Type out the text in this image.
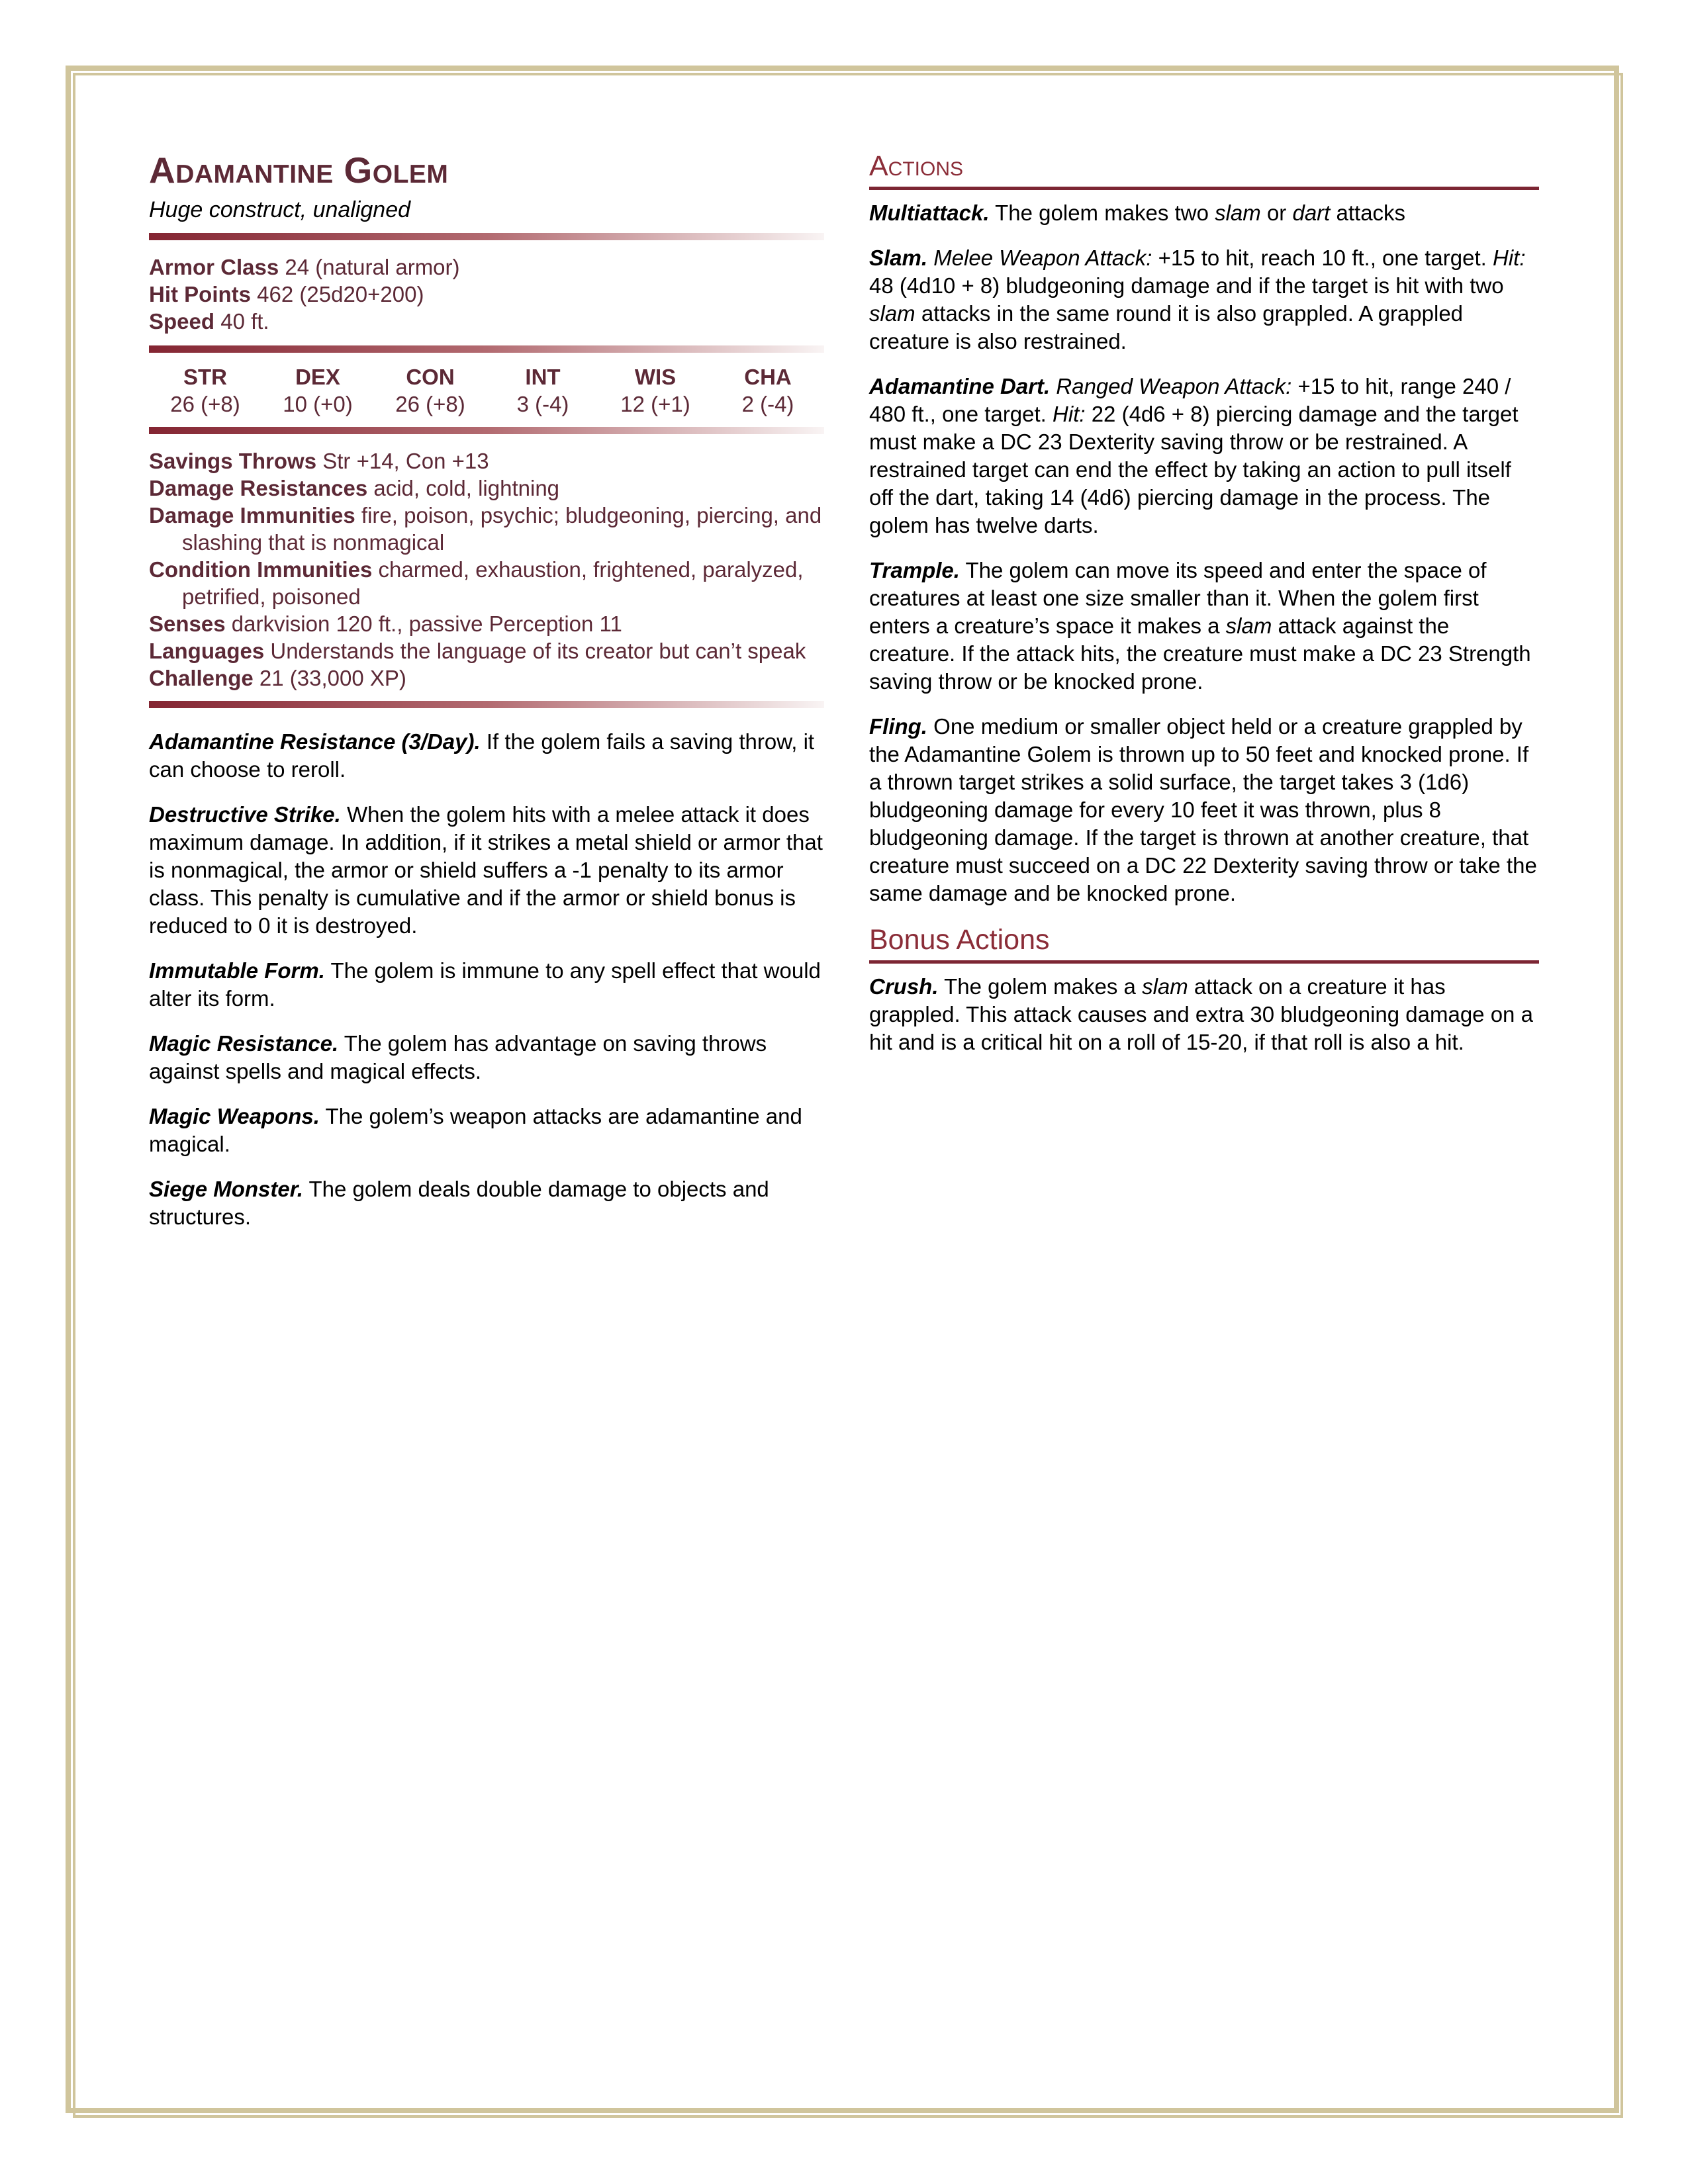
Adamantine Golem
Huge construct, unaligned
Armor Class 24 (natural armor)
Hit Points 462 (25d20+200)
Speed 40 ft.
STR
26 (+8)
DEX
10 (+0)
CON
26 (+8)
INT
3 (-4)
WIS
12 (+1)
CHA
2 (-4)
Savings Throws Str +14, Con +13
Damage Resistances acid, cold, lightning
Damage Immunities fire, poison, psychic; bludgeoning, piercing, and slashing that is nonmagical
Condition Immunities charmed, exhaustion, frightened, paralyzed, petrified, poisoned
Senses darkvision 120 ft., passive Perception 11
Languages Understands the language of its creator but can’t speak
Challenge 21 (33,000 XP)

Adamantine Resistance (3/Day). If the golem fails a saving throw, it can choose to reroll.

Destructive Strike. When the golem hits with a melee attack it does maximum damage. In addition, if it strikes a metal shield or armor that is nonmagical, the armor or shield suffers a -1 penalty to its armor class. This penalty is cumulative and if the armor or shield bonus is reduced to 0 it is destroyed.

Immutable Form. The golem is immune to any spell effect that would alter its form.

Magic Resistance. The golem has advantage on saving throws against spells and magical effects.

Magic Weapons. The golem’s weapon attacks are adamantine and magical.

Siege Monster. The golem deals double damage to objects and structures.

Actions

Multiattack. The golem makes two slam or dart attacks

Slam. Melee Weapon Attack: +15 to hit, reach 10 ft., one target. Hit: 48 (4d10 + 8) bludgeoning damage and if the target is hit with two slam attacks in the same round it is also grappled. A grappled creature is also restrained.

Adamantine Dart. Ranged Weapon Attack: +15 to hit, range 240 / 480 ft., one target. Hit: 22 (4d6 + 8) piercing damage and the target must make a DC 23 Dexterity saving throw or be restrained. A restrained target can end the effect by taking an action to pull itself off the dart, taking 14 (4d6) piercing damage in the process. The golem has twelve darts.

Trample. The golem can move its speed and enter the space of creatures at least one size smaller than it. When the golem first enters a creature’s space it makes a slam attack against the creature. If the attack hits, the creature must make a DC 23 Strength saving throw or be knocked prone.

Fling. One medium or smaller object held or a creature grappled by the Adamantine Golem is thrown up to 50 feet and knocked prone. If a thrown target strikes a solid surface, the target takes 3 (1d6) bludgeoning damage for every 10 feet it was thrown, plus 8 bludgeoning damage. If the target is thrown at another creature, that creature must succeed on a DC 22 Dexterity saving throw or take the same damage and be knocked prone.

Bonus Actions

Crush. The golem makes a slam attack on a creature it has grappled. This attack causes and extra 30 bludgeoning damage on a hit and is a critical hit on a roll of 15-20, if that roll is also a hit.
